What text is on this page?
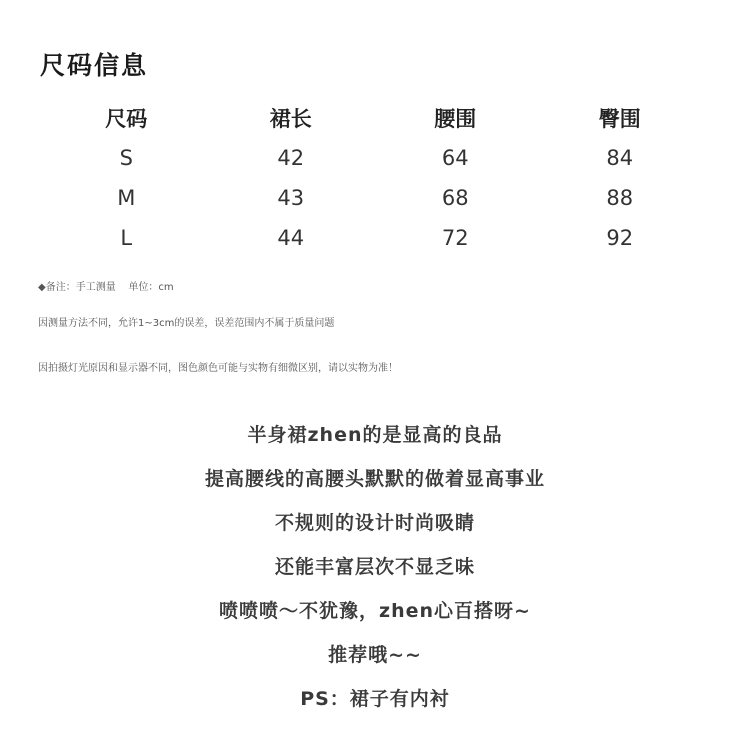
尺码信息
尺码	裙长	腰围	臀围
S	42	64	84
M	43	68	88
L	44	72	92
◆备注：手工测量    单位：cm
因测量方法不同，允许1~3cm的误差，误差范围内不属于质量问题
因拍摄灯光原因和显示器不同，图色颜色可能与实物有细微区别，请以实物为准！
半身裙zhen的是显高的良品
提高腰线的高腰头默默的做着显高事业
不规则的设计时尚吸睛
还能丰富层次不显乏味
喷喷喷～不犹豫，zhen心百搭呀~
推荐哦~~
PS：裙子有内衬
